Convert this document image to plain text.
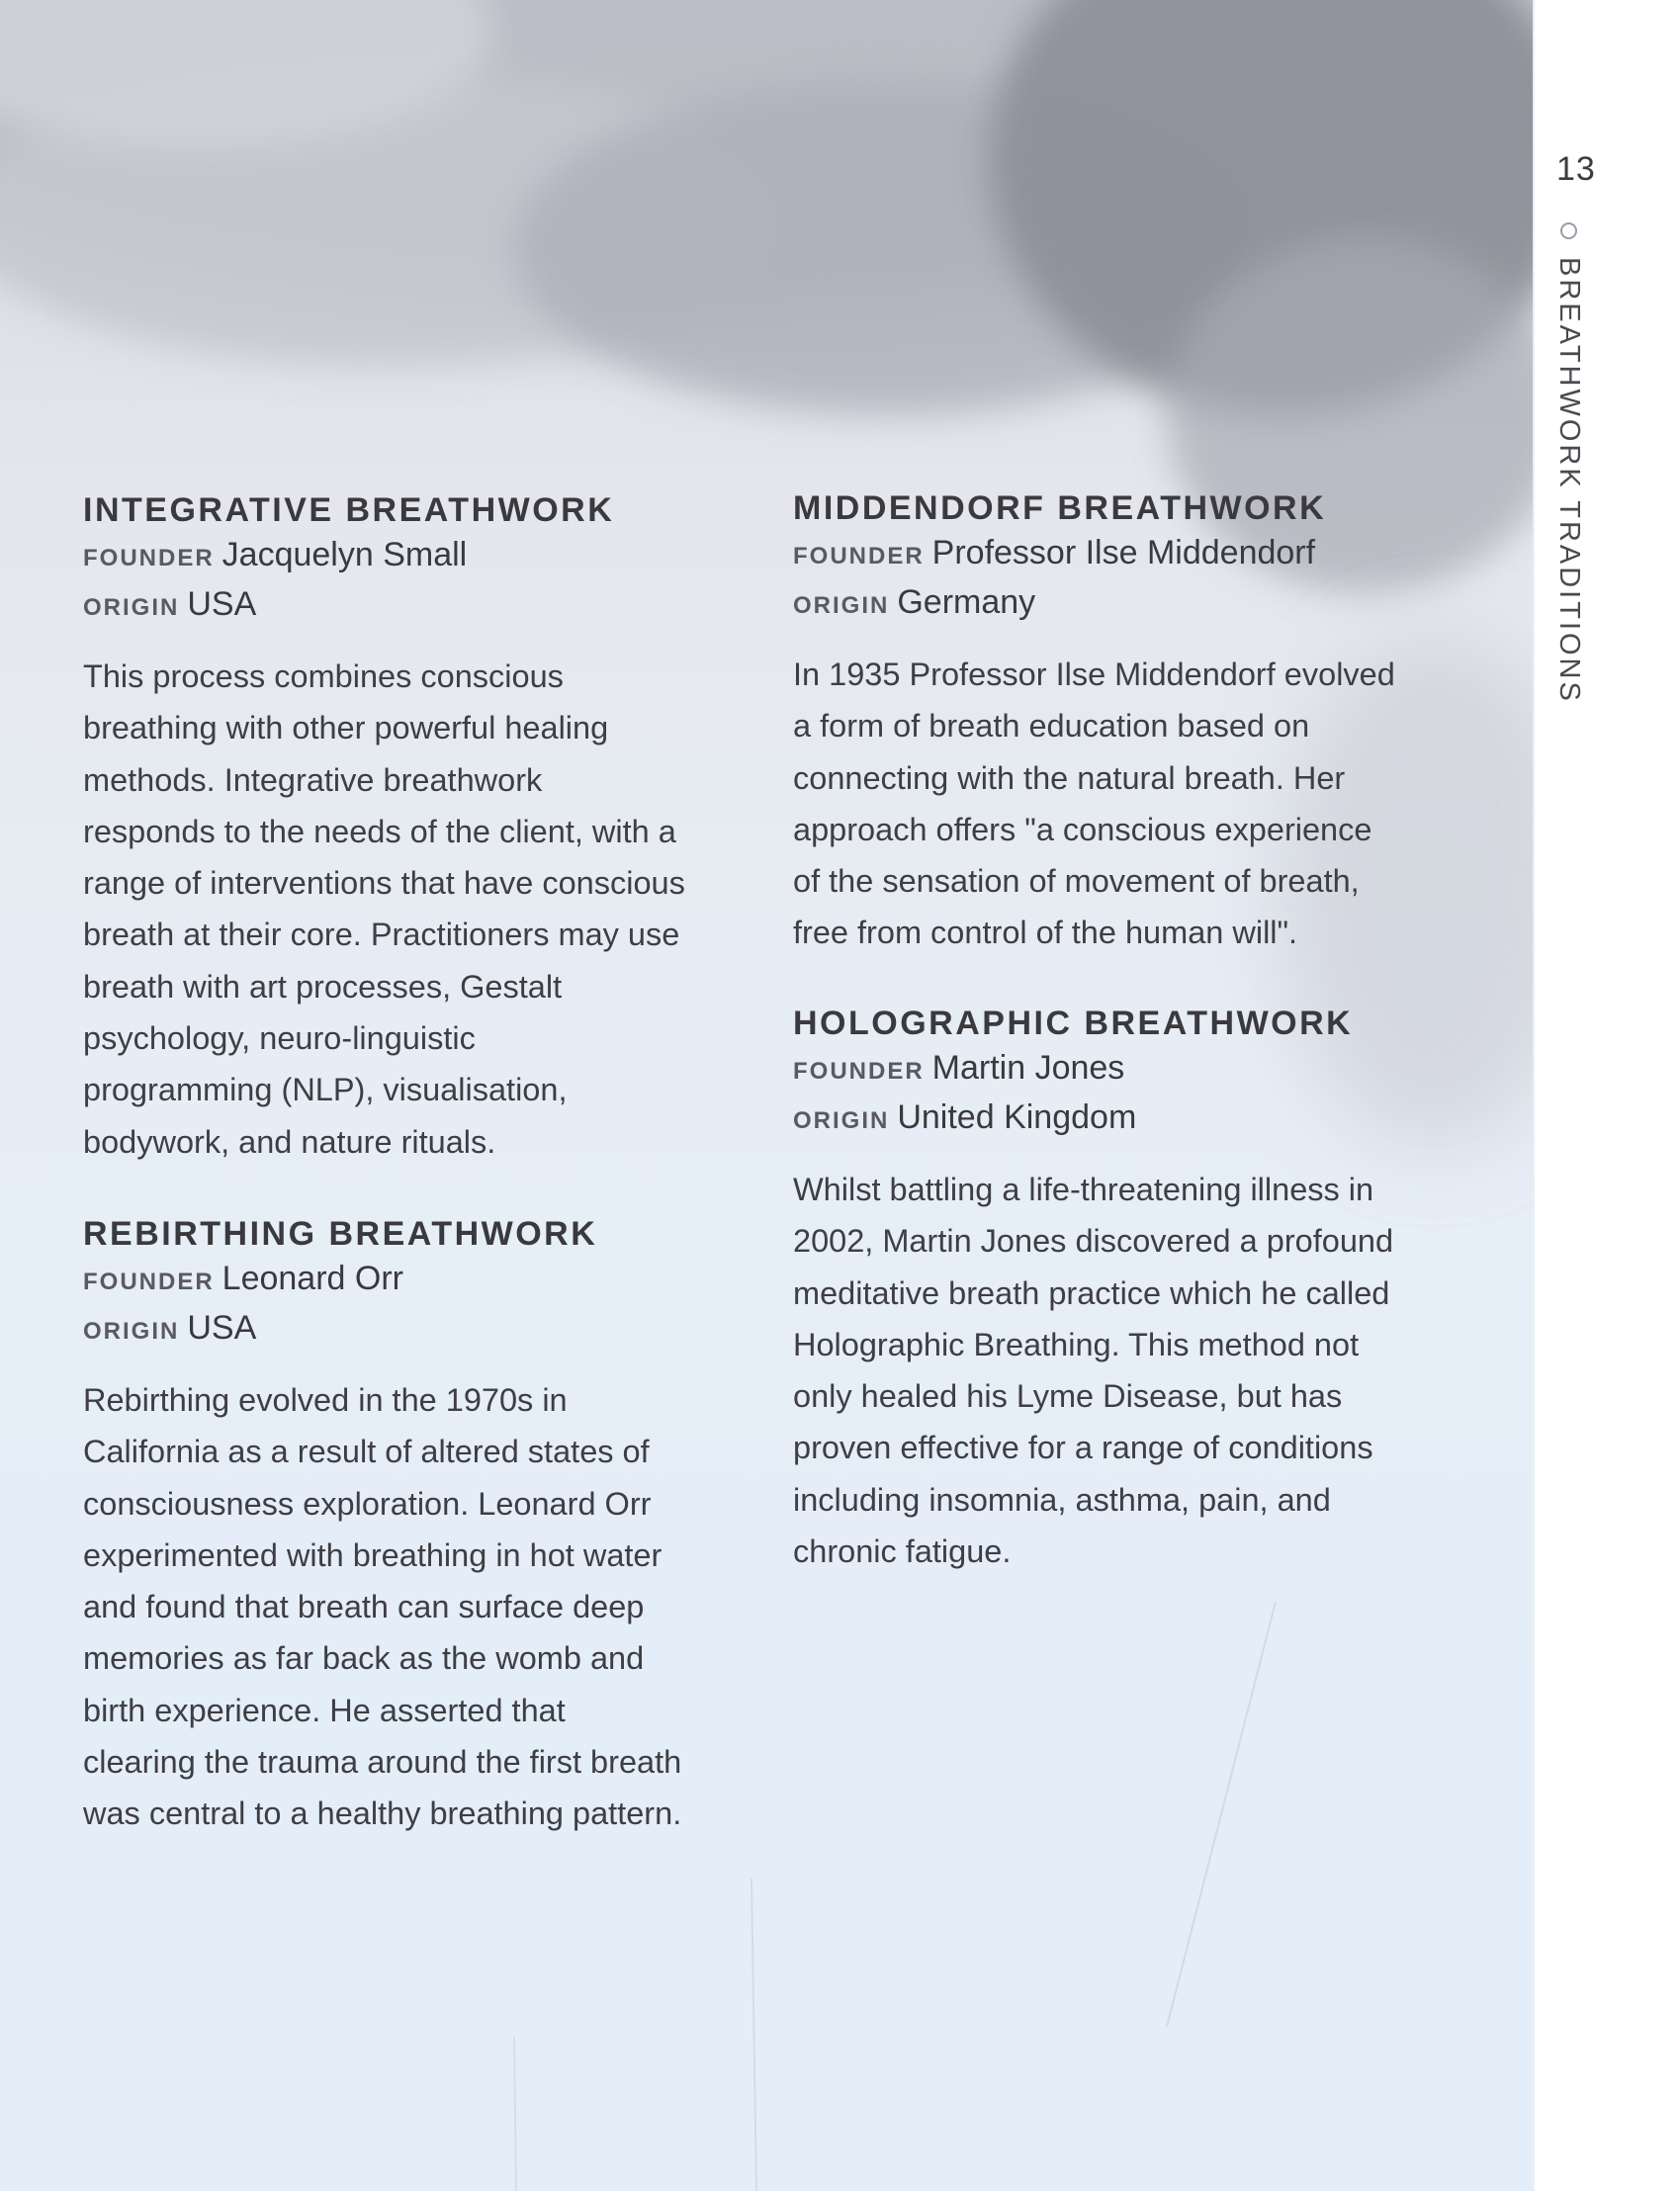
13
BREATHWORK TRADITIONS
INTEGRATIVE BREATHWORK
FOUNDER Jacquelyn Small
ORIGIN USA
This process combines conscious
breathing with other powerful healing
methods. Integrative breathwork
responds to the needs of the client, with a
range of interventions that have conscious
breath at their core. Practitioners may use
breath with art processes, Gestalt
psychology, neuro-linguistic
programming (NLP), visualisation,
bodywork, and nature rituals.
REBIRTHING BREATHWORK
FOUNDER Leonard Orr
ORIGIN USA
Rebirthing evolved in the 1970s in
California as a result of altered states of
consciousness exploration. Leonard Orr
experimented with breathing in hot water
and found that breath can surface deep
memories as far back as the womb and
birth experience. He asserted that
clearing the trauma around the first breath
was central to a healthy breathing pattern.
MIDDENDORF BREATHWORK
FOUNDER Professor Ilse Middendorf
ORIGIN Germany
In 1935 Professor Ilse Middendorf evolved
a form of breath education based on
connecting with the natural breath. Her
approach offers "a conscious experience
of the sensation of movement of breath,
free from control of the human will".
HOLOGRAPHIC BREATHWORK
FOUNDER Martin Jones
ORIGIN United Kingdom
Whilst battling a life-threatening illness in
2002, Martin Jones discovered a profound
meditative breath practice which he called
Holographic Breathing. This method not
only healed his Lyme Disease, but has
proven effective for a range of conditions
including insomnia, asthma, pain, and
chronic fatigue.
